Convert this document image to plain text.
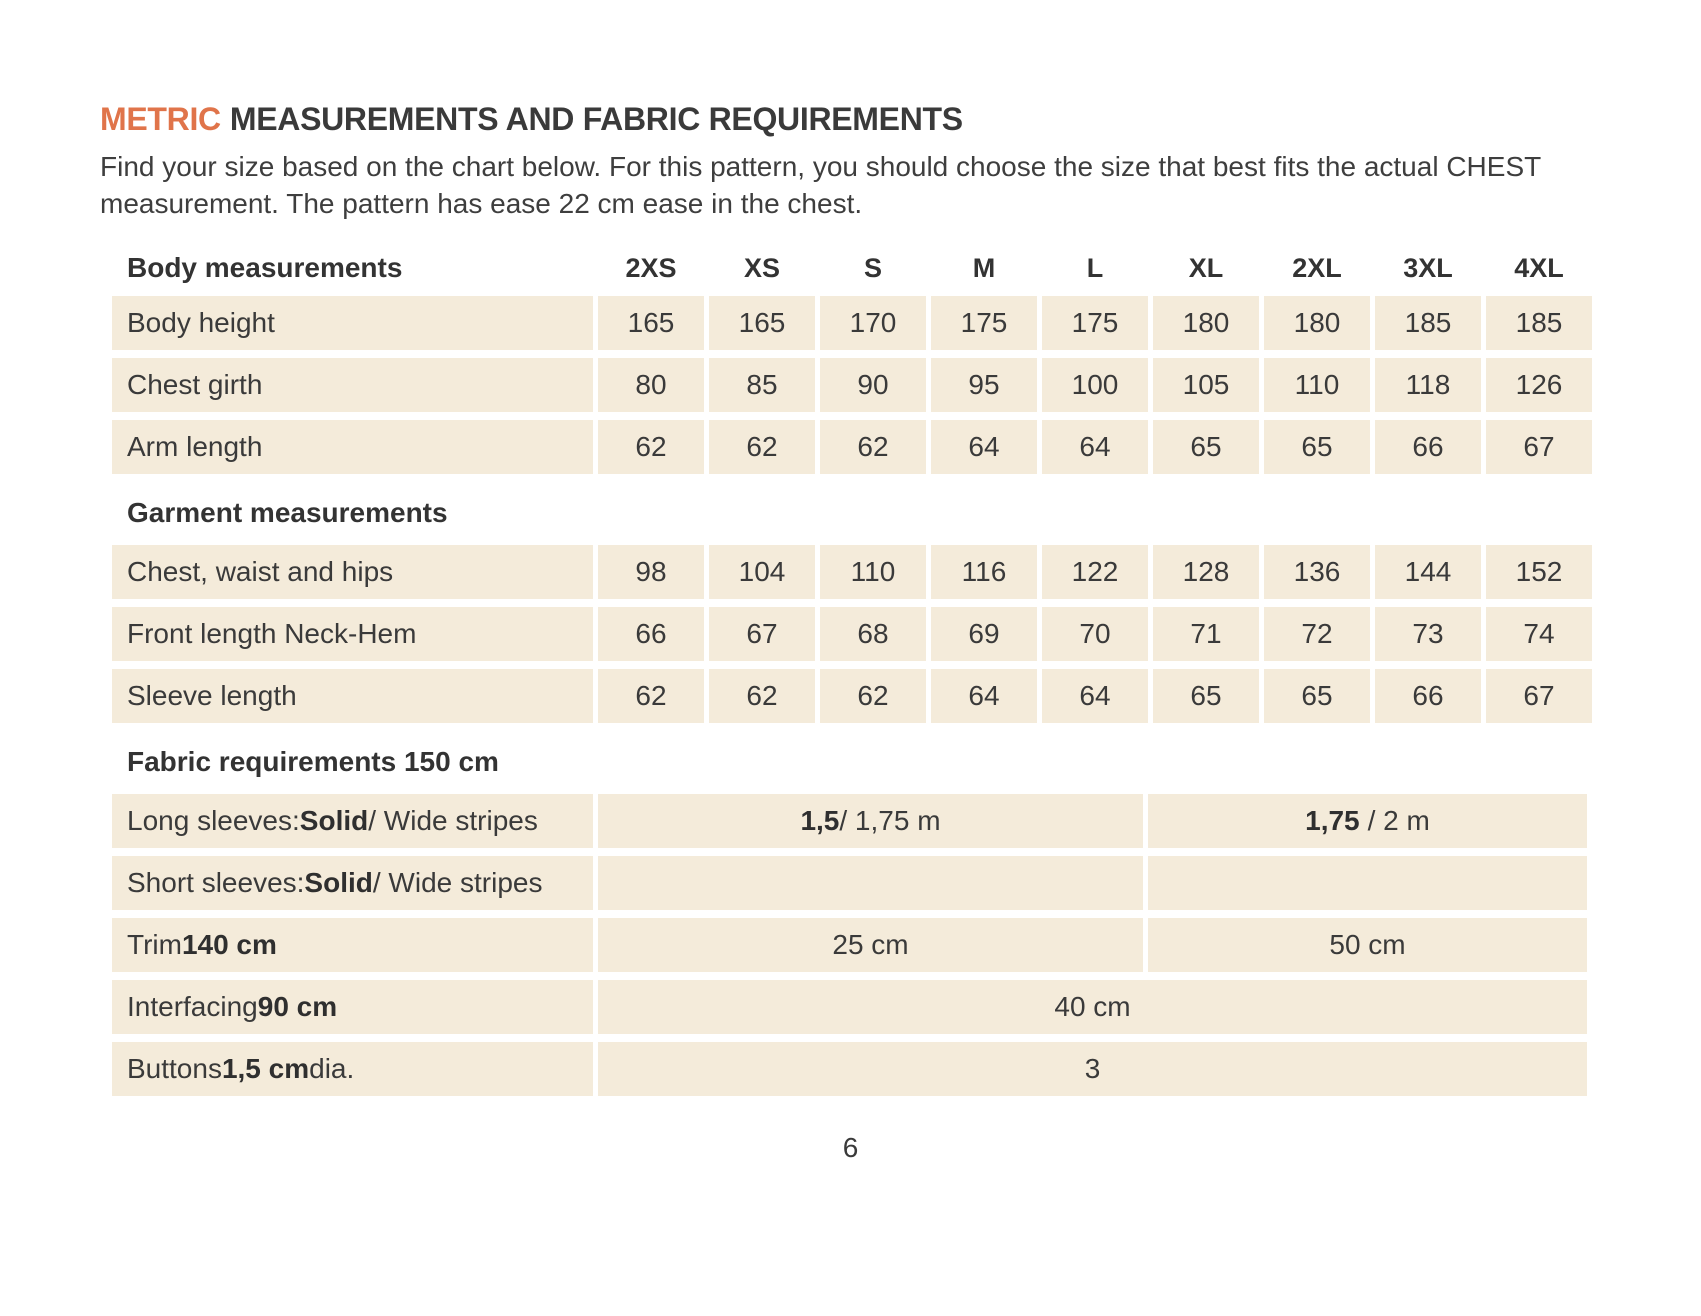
METRIC MEASUREMENTS AND FABRIC REQUIREMENTS
Find your size based on the chart below. For this pattern, you should choose the size that best fits the actual CHEST
measurement. The pattern has ease 22 cm ease in the chest.
Body measurements	2XS	XS	S	M	L	XL	2XL	3XL	4XL
Body height	165	165	170	175	175	180	180	185	185
Chest girth	80	85	90	95	100	105	110	118	126
Arm length	62	62	62	64	64	65	65	66	67
Garment measurements
Chest, waist and hips	98	104	110	116	122	128	136	144	152
Front length Neck-Hem	66	67	68	69	70	71	72	73	74
Sleeve length	62	62	62	64	64	65	65	66	67
Fabric requirements 150 cm
Long sleeves: Solid / Wide stripes	1,5 / 1,75 m	1,75 / 2 m
Short sleeves: Solid / Wide stripes
Trim 140 cm	25 cm	50 cm
Interfacing 90 cm	40 cm
Buttons 1,5 cm dia.	3
6
